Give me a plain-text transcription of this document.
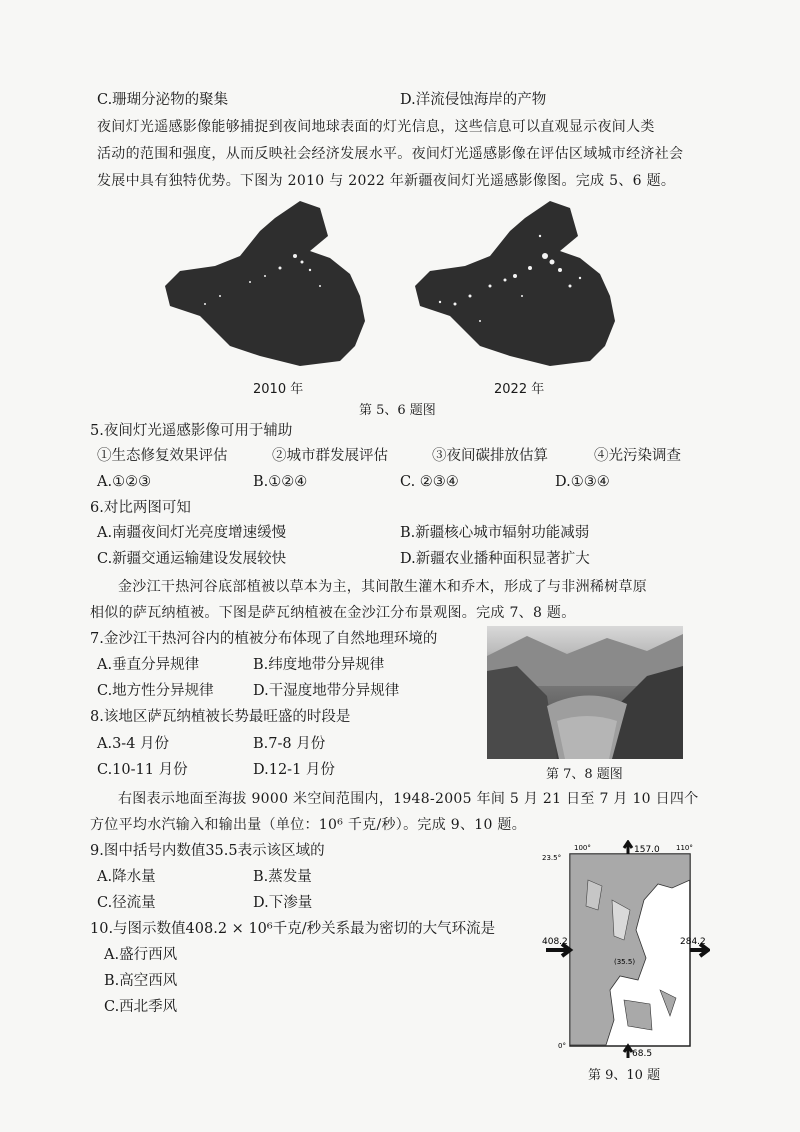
C.珊瑚分泌物的聚集	D.洋流侵蚀海岸的产物
夜间灯光遥感影像能够捕捉到夜间地球表面的灯光信息，这些信息可以直观显示夜间人类
活动的范围和强度，从而反映社会经济发展水平。夜间灯光遥感影像在评估区域城市经济社会
发展中具有独特优势。下图为 2010 与 2022 年新疆夜间灯光遥感影像图。完成 5、6 题。
2010 年	2022 年
第 5、6 题图
5.夜间灯光遥感影像可用于辅助
①生态修复效果评估	②城市群发展评估	③夜间碳排放估算	④光污染调查
A.①②③	B.①②④	C. ②③④	D.①③④
6.对比两图可知
A.南疆夜间灯光亮度增速缓慢	B.新疆核心城市辐射功能减弱
C.新疆交通运输建设发展较快	D.新疆农业播种面积显著扩大
金沙江干热河谷底部植被以草本为主，其间散生灌木和乔木，形成了与非洲稀树草原
相似的萨瓦纳植被。下图是萨瓦纳植被在金沙江分布景观图。完成 7、8 题。
7.金沙江干热河谷内的植被分布体现了自然地理环境的
A.垂直分异规律	B.纬度地带分异规律
C.地方性分异规律	D.干湿度地带分异规律
8.该地区萨瓦纳植被长势最旺盛的时段是
A.3-4 月份	B.7-8 月份
C.10-11 月份	D.12-1 月份	第 7、8 题图
右图表示地面至海拔 9000 米空间范围内，1948-2005 年间 5 月 21 日至 7 月 10 日四个
方位平均水汽输入和输出量（单位：10⁶ 千克/秒）。完成 9、10 题。
9.图中括号内数值35.5表示该区域的
A.降水量	B.蒸发量
C.径流量	D.下渗量
10.与图示数值408.2 × 10⁶千克/秒关系最为密切的大气环流是
A.盛行西风
B.高空西风
C.西北季风
100°	110°
23.5°
0°
157.0
408.2	284.2
68.5
(35.5)
第 9、10 题
